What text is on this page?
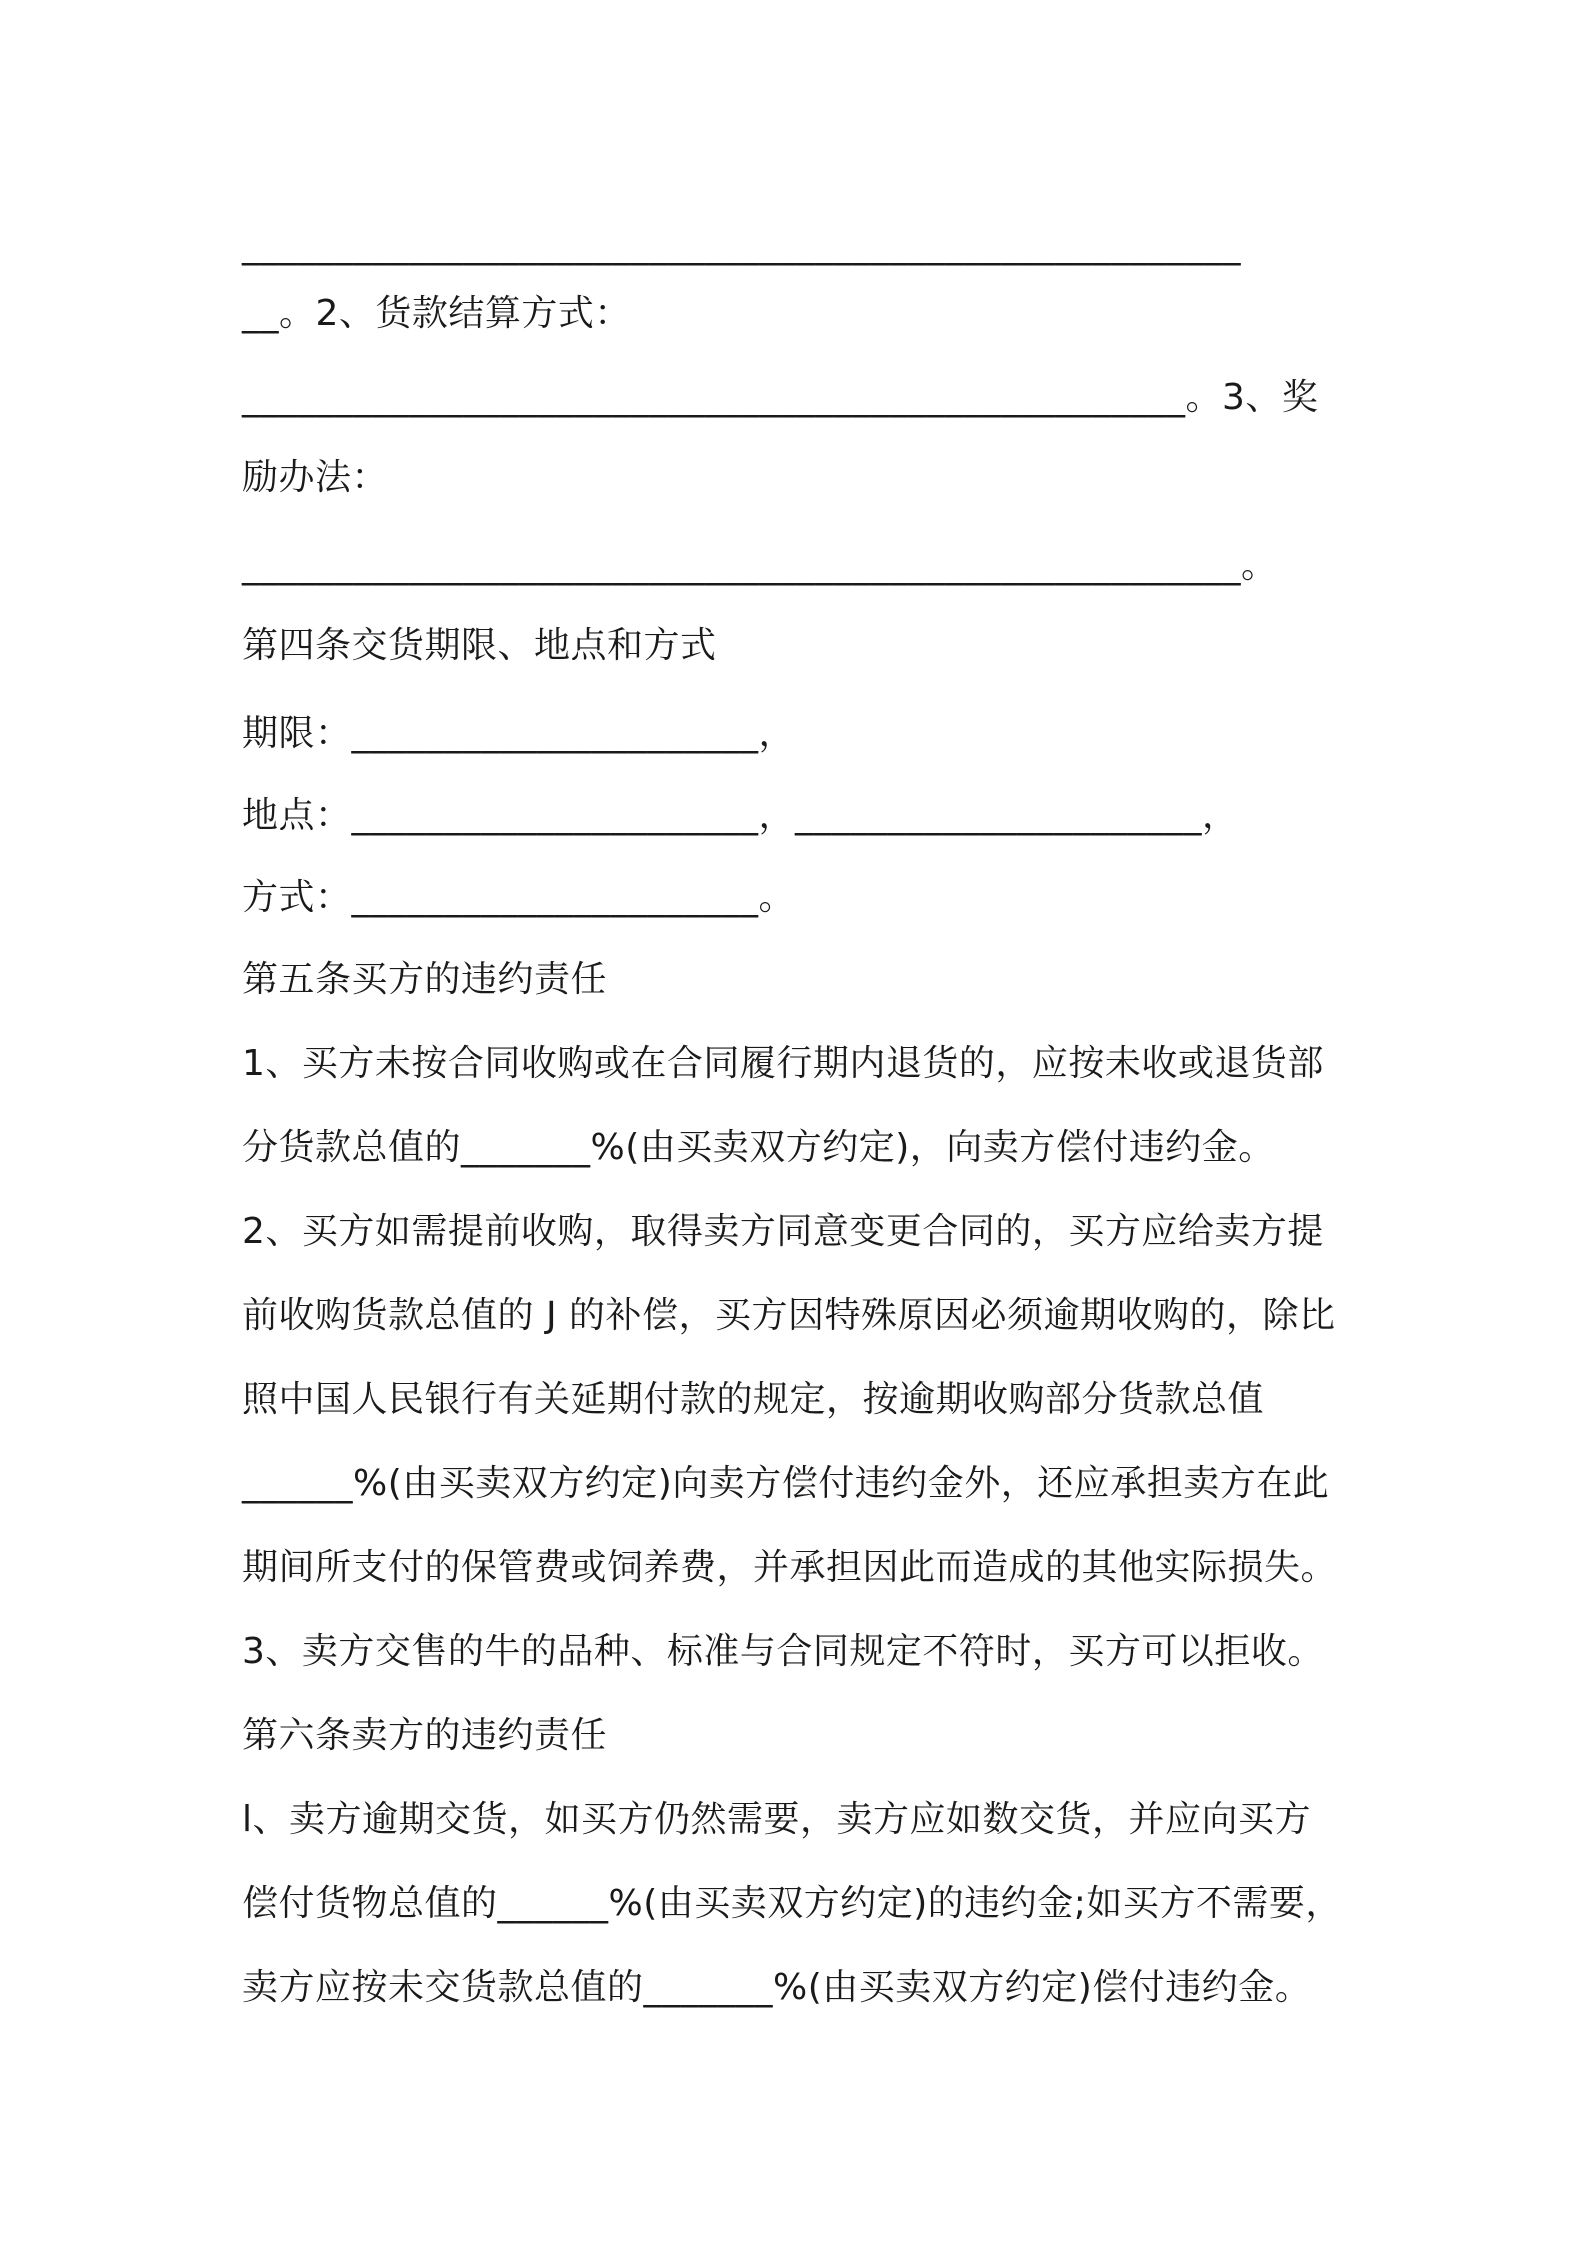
______________________________________________________
__。2、货款结算方式：
___________________________________________________。3、奖
励办法：
______________________________________________________。
第四条交货期限、地点和方式
期限：______________________，
地点：______________________，______________________，
方式：______________________。
第五条买方的违约责任
1、买方未按合同收购或在合同履行期内退货的，应按未收或退货部
分货款总值的_______%(由买卖双方约定)，向卖方偿付违约金。
2、买方如需提前收购，取得卖方同意变更合同的，买方应给卖方提
前收购货款总值的 J 的补偿，买方因特殊原因必须逾期收购的，除比
照中国人民银行有关延期付款的规定，按逾期收购部分货款总值
______%(由买卖双方约定)向卖方偿付违约金外，还应承担卖方在此
期间所支付的保管费或饲养费，并承担因此而造成的其他实际损失。
3、卖方交售的牛的品种、标准与合同规定不符时，买方可以拒收。
第六条卖方的违约责任
l、卖方逾期交货，如买方仍然需要，卖方应如数交货，并应向买方
偿付货物总值的______%(由买卖双方约定)的违约金;如买方不需要，
卖方应按未交货款总值的_______%(由买卖双方约定)偿付违约金。
